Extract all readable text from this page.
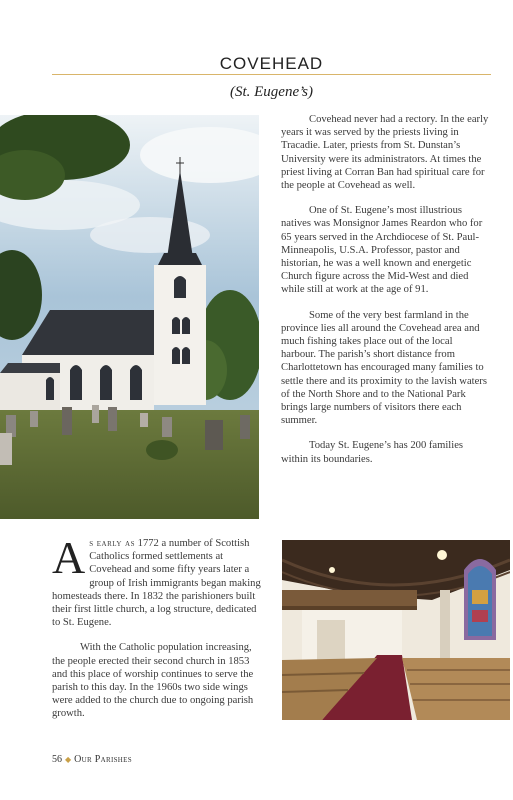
COVEHEAD
(St. Eugene’s)

Covehead never had a rectory. In the early years it was served by the priests living in Tracadie. Later, priests from St. Dunstan’s University were its administrators. At times the priest living at Corran Ban had spiritual care for the people at Covehead as well.

One of St. Eugene’s most illustrious natives was Monsignor James Reardon who for 65 years served in the Archdiocese of St. Paul-Minneapolis, U.S.A. Professor, pastor and historian, he was a well known and energetic Church figure across the Mid-West and died while still at work at the age of 91.

Some of the very best farmland in the province lies all around the Covehead area and much fishing takes place out of the local harbour. The parish’s short distance from Charlottetown has encouraged many families to settle there and its proximity to the lavish waters of the North Shore and to the National Park brings large numbers of visitors there each summer.

Today St. Eugene’s has 200 families within its boundaries.

As early as 1772 a number of Scottish Catholics formed settlements at Covehead and some fifty years later a group of Irish immigrants began making homesteads there. In 1832 the parishioners built their first little church, a log structure, dedicated to St. Eugene.

With the Catholic population increasing, the people erected their second church in 1853 and this place of worship continues to serve the parish to this day. In the 1960s two side wings were added to the church due to ongoing parish growth.

56 ◆ Our Parishes
